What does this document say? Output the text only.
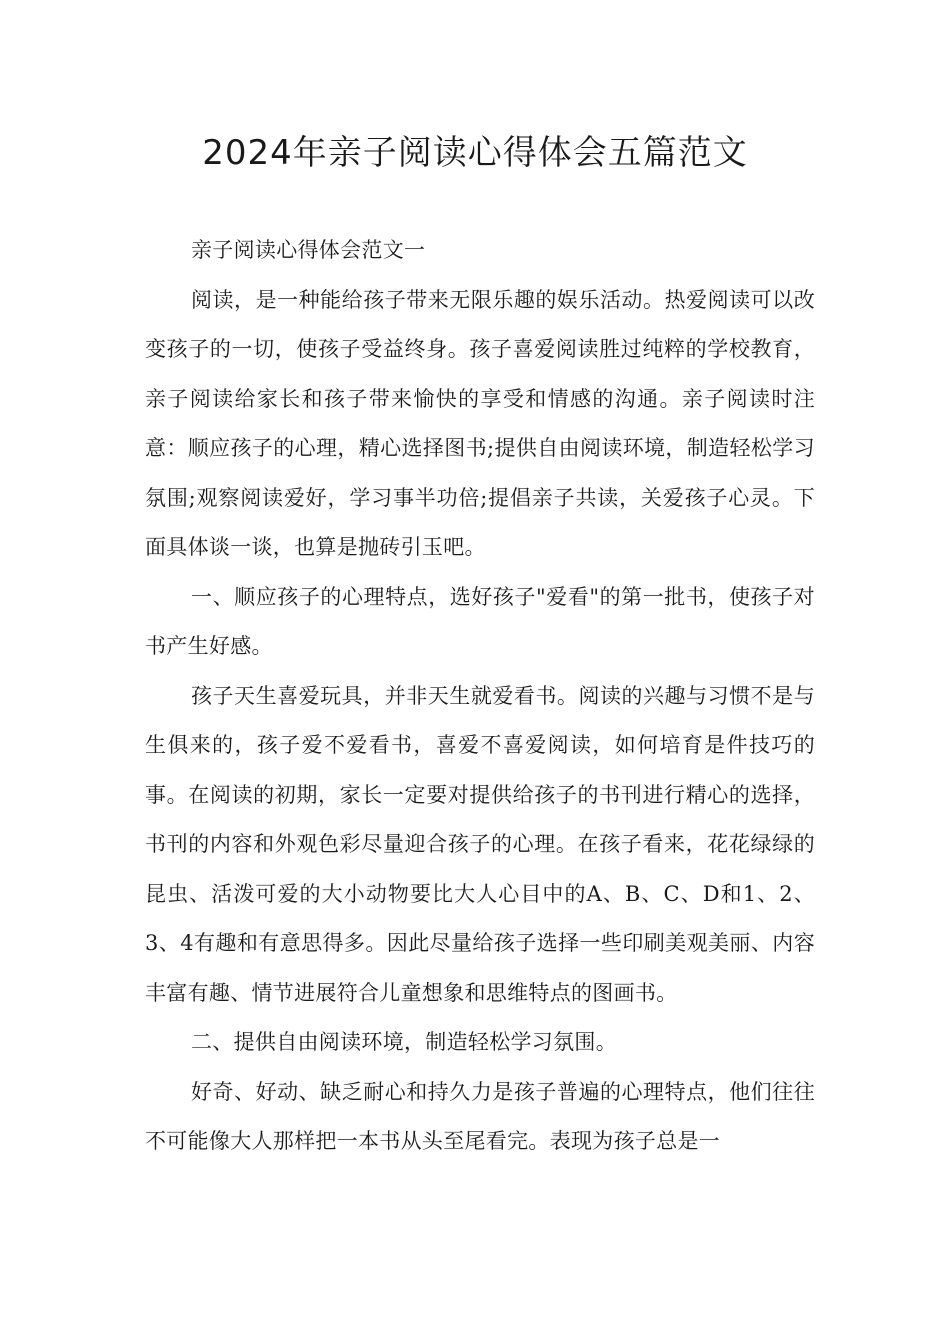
2024年亲子阅读心得体会五篇范文

亲子阅读心得体会范文一

阅读，是一种能给孩子带来无限乐趣的娱乐活动。热爱阅读可以改变孩子的一切，使孩子受益终身。孩子喜爱阅读胜过纯粹的学校教育，亲子阅读给家长和孩子带来愉快的享受和情感的沟通。亲子阅读时注意：顺应孩子的心理，精心选择图书;提供自由阅读环境，制造轻松学习氛围;观察阅读爱好，学习事半功倍;提倡亲子共读，关爱孩子心灵。下面具体谈一谈，也算是抛砖引玉吧。

一、顺应孩子的心理特点，选好孩子"爱看"的第一批书，使孩子对书产生好感。

孩子天生喜爱玩具，并非天生就爱看书。阅读的兴趣与习惯不是与生俱来的，孩子爱不爱看书，喜爱不喜爱阅读，如何培育是件技巧的事。在阅读的初期，家长一定要对提供给孩子的书刊进行精心的选择，书刊的内容和外观色彩尽量迎合孩子的心理。在孩子看来，花花绿绿的昆虫、活泼可爱的大小动物要比大人心目中的A、B、C、D和1、2、3、4有趣和有意思得多。因此尽量给孩子选择一些印刷美观美丽、内容丰富有趣、情节进展符合儿童想象和思维特点的图画书。

二、提供自由阅读环境，制造轻松学习氛围。

好奇、好动、缺乏耐心和持久力是孩子普遍的心理特点，他们往往不可能像大人那样把一本书从头至尾看完。表现为孩子总是一
